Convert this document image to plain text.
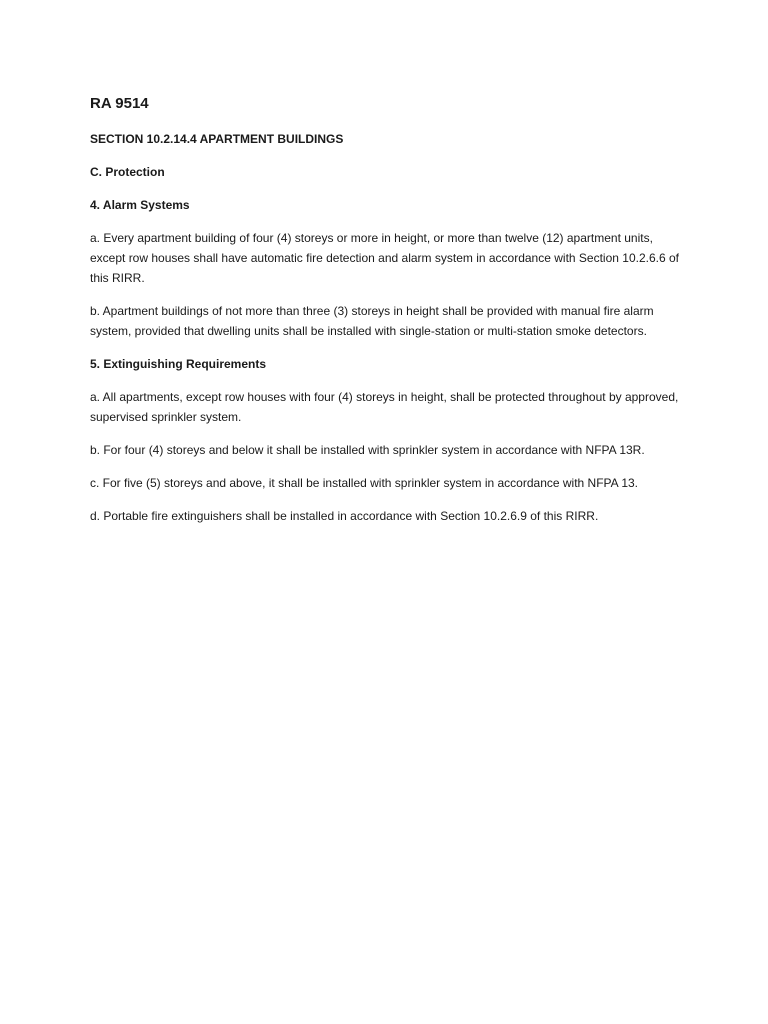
RA 9514
SECTION 10.2.14.4 APARTMENT BUILDINGS
C. Protection
4. Alarm Systems
a. Every apartment building of four (4) storeys or more in height, or more than twelve (12) apartment units, except row houses shall have automatic fire detection and alarm system in accordance with Section 10.2.6.6 of this RIRR.
b. Apartment buildings of not more than three (3) storeys in height shall be provided with manual fire alarm system, provided that dwelling units shall be installed with single-station or multi-station smoke detectors.
5. Extinguishing Requirements
a. All apartments, except row houses with four (4) storeys in height, shall be protected throughout by approved, supervised sprinkler system.
b. For four (4) storeys and below it shall be installed with sprinkler system in accordance with NFPA 13R.
c. For five (5) storeys and above, it shall be installed with sprinkler system in accordance with NFPA 13.
d. Portable fire extinguishers shall be installed in accordance with Section 10.2.6.9 of this RIRR.
